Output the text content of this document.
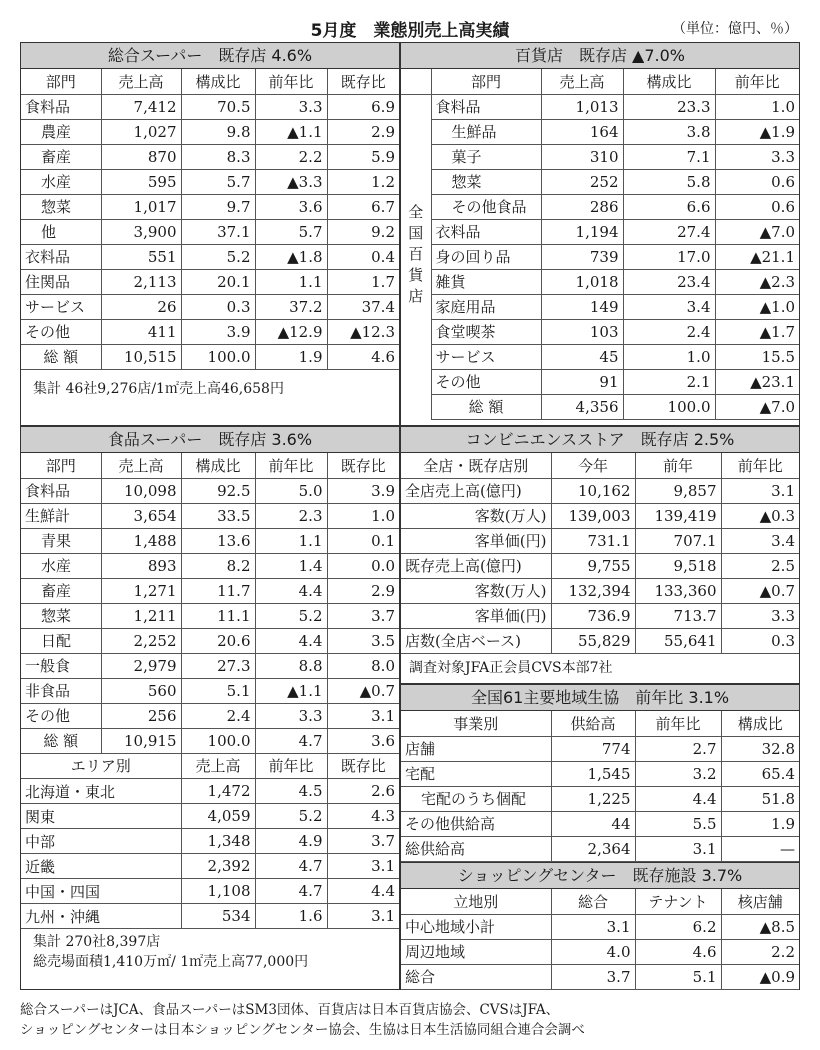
5月度　業態別売上高実績	（単位：億円、％）
総合スーパー　既存店 4.6%
部門	売上高	構成比	前年比	既存比
食料品	7,412	70.5	3.3	6.9
農産	1,027	9.8	▲1.1	2.9
畜産	870	8.3	2.2	5.9
水産	595	5.7	▲3.3	1.2
惣菜	1,017	9.7	3.6	6.7
他	3,900	37.1	5.7	9.2
衣料品	551	5.2	▲1.8	0.4
住関品	2,113	20.1	1.1	1.7
サービス	26	0.3	37.2	37.4
その他	411	3.9	▲12.9	▲12.3
総 額	10,515	100.0	1.9	4.6
集計 46社9,276店/1㎡売上高46,658円
百貨店　既存店 ▲7.0%
	部門	売上高	構成比	前年比
全国百貨店	食料品	1,013	23.3	1.0
	生鮮品	164	3.8	▲1.9
	菓子	310	7.1	3.3
	惣菜	252	5.8	0.6
	その他食品	286	6.6	0.6
	衣料品	1,194	27.4	▲7.0
	身の回り品	739	17.0	▲21.1
	雑貨	1,018	23.4	▲2.3
	家庭用品	149	3.4	▲1.0
	食堂喫茶	103	2.4	▲1.7
	サービス	45	1.0	15.5
	その他	91	2.1	▲23.1
	総 額	4,356	100.0	▲7.0
食品スーパー　既存店 3.6%
部門	売上高	構成比	前年比	既存比
食料品	10,098	92.5	5.0	3.9
生鮮計	3,654	33.5	2.3	1.0
青果	1,488	13.6	1.1	0.1
水産	893	8.2	1.4	0.0
畜産	1,271	11.7	4.4	2.9
惣菜	1,211	11.1	5.2	3.7
日配	2,252	20.6	4.4	3.5
一般食	2,979	27.3	8.8	8.0
非食品	560	5.1	▲1.1	▲0.7
その他	256	2.4	3.3	3.1
総 額	10,915	100.0	4.7	3.6
エリア別	売上高	前年比	既存比
北海道・東北	1,472	4.5	2.6
関東	4,059	5.2	4.3
中部	1,348	4.9	3.7
近畿	2,392	4.7	3.1
中国・四国	1,108	4.7	4.4
九州・沖縄	534	1.6	3.1
集計 270社8,397店
総売場面積1,410万㎡/ 1㎡売上高77,000円
コンビニエンスストア　既存店 2.5%
全店・既存店別	今年	前年	前年比
全店売上高(億円)	10,162	9,857	3.1
客数(万人)	139,003	139,419	▲0.3
客単価(円)	731.1	707.1	3.4
既存売上高(億円)	9,755	9,518	2.5
客数(万人)	132,394	133,360	▲0.7
客単価(円)	736.9	713.7	3.3
店数(全店ベース)	55,829	55,641	0.3
調査対象JFA正会員CVS本部7社
全国61主要地域生協　前年比 3.1%
事業別	供給高	前年比	構成比
店舗	774	2.7	32.8
宅配	1,545	3.2	65.4
宅配のうち個配	1,225	4.4	51.8
その他供給高	44	5.5	1.9
総供給高	2,364	3.1	—
ショッピングセンター　既存施設 3.7%
立地別	総合	テナント	核店舗
中心地域小計	3.1	6.2	▲8.5
周辺地域	4.0	4.6	2.2
総合	3.7	5.1	▲0.9
総合スーパーはJCA、食品スーパーはSM3団体、百貨店は日本百貨店協会、CVSはJFA、
ショッピングセンターは日本ショッピングセンター協会、生協は日本生活協同組合連合会調べ
